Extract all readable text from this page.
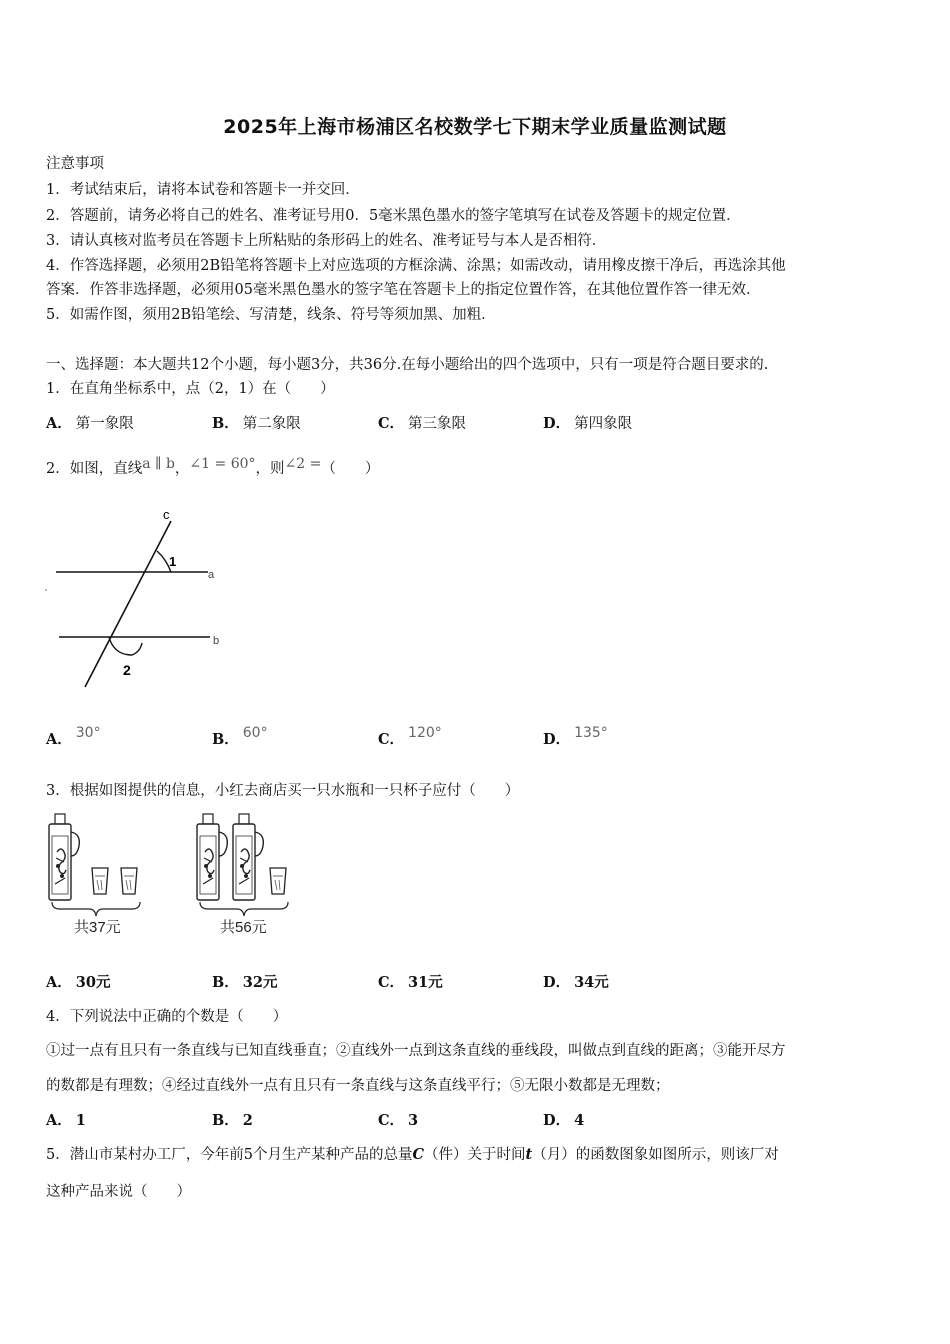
2025年上海市杨浦区名校数学七下期末学业质量监测试题
注意事项
1．考试结束后，请将本试卷和答题卡一并交回．
2．答题前，请务必将自己的姓名、准考证号用0．5毫米黑色墨水的签字笔填写在试卷及答题卡的规定位置．
3．请认真核对监考员在答题卡上所粘贴的条形码上的姓名、准考证号与本人是否相符．
4．作答选择题，必须用2B铅笔将答题卡上对应选项的方框涂满、涂黑；如需改动，请用橡皮擦干净后，再选涂其他
答案．作答非选择题，必须用05毫米黑色墨水的签字笔在答题卡上的指定位置作答，在其他位置作答一律无效．
5．如需作图，须用2B铅笔绘、写清楚，线条、符号等须加黑、加粗．
一、选择题：本大题共12个小题，每小题3分，共36分.在每小题给出的四个选项中，只有一项是符合题目要求的.
1．在直角坐标系中，点（2，1）在（　　）
A． 第一象限	B． 第二象限	C． 第三象限	D． 第四象限
2．如图，直线a ∥ b，∠1 = 60°，则∠2 =（　　）
c
a
b
1
2
A． 30°	B． 60°	C． 120°	D． 135°
3．根据如图提供的信息，小红去商店买一只水瓶和一只杯子应付（　　）
共37元	共56元
A． 30元	B． 32元	C． 31元	D． 34元
4．下列说法中正确的个数是（　　）
①过一点有且只有一条直线与已知直线垂直；②直线外一点到这条直线的垂线段，叫做点到直线的距离；③能开尽方
的数都是有理数；④经过直线外一点有且只有一条直线与这条直线平行；⑤无限小数都是无理数；
A． 1	B． 2	C． 3	D． 4
5．潜山市某村办工厂，今年前5个月生产某种产品的总量C（件）关于时间t（月）的函数图象如图所示，则该厂对
这种产品来说（　　）
